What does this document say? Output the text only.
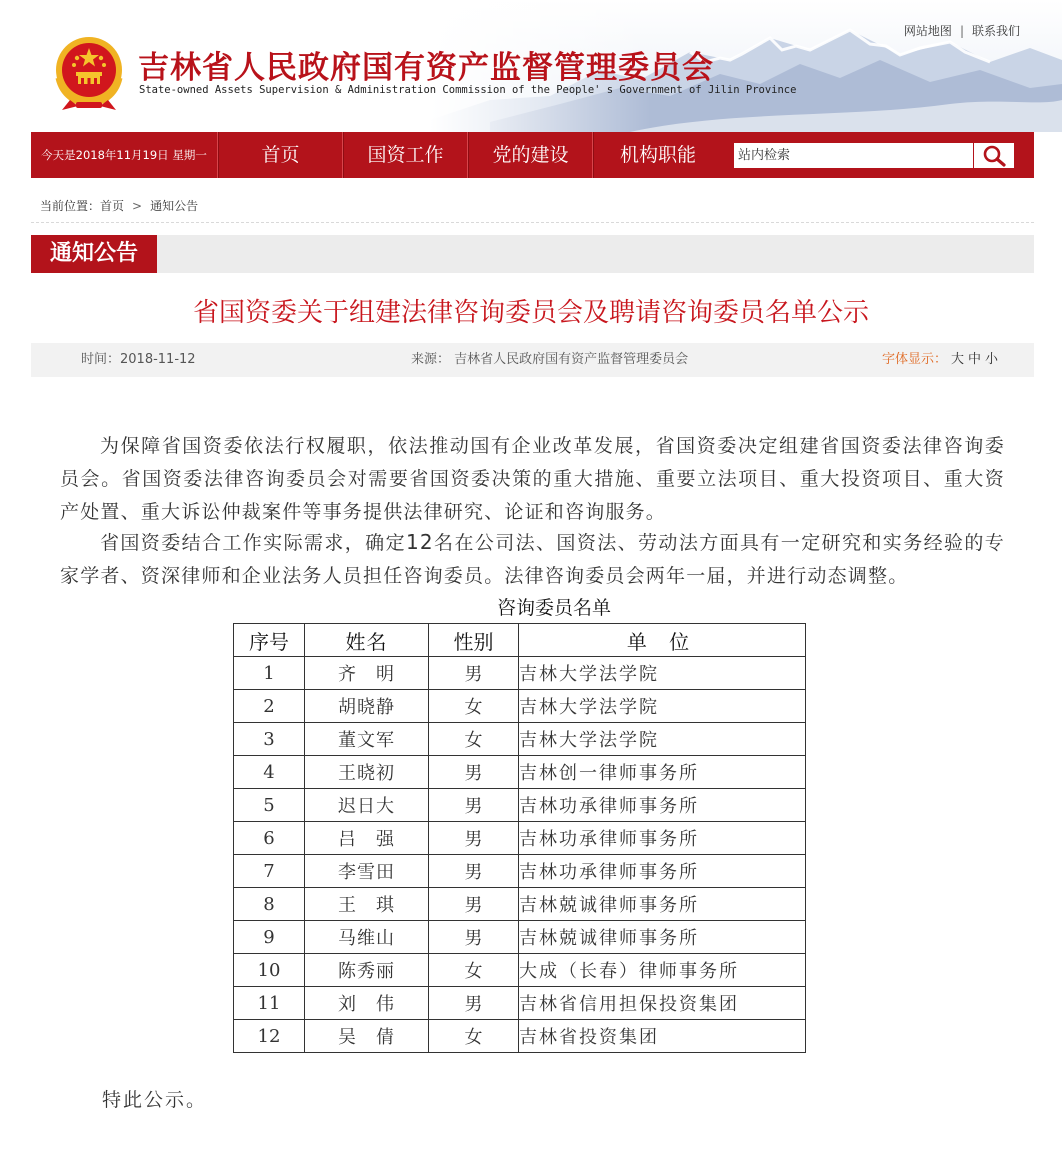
网站地图 | 联系我们
吉林省人民政府国有资产监督管理委员会
State-owned Assets Supervision & Administration Commission of the People' s Government of Jilin Province
今天是2018年11月19日 星期一	首页	国资工作	党的建设	机构职能
站内检索
当前位置：首页 > 通知公告
通知公告
省国资委关于组建法律咨询委员会及聘请咨询委员名单公示
时间：2018-11-12	来源： 吉林省人民政府国有资产监督管理委员会	字体显示： 大 中 小
为保障省国资委依法行权履职，依法推动国有企业改革发展，省国资委决定组建省国资委法律咨询委员会。省国资委法律咨询委员会对需要省国资委决策的重大措施、重要立法项目、重大投资项目、重大资产处置、重大诉讼仲裁案件等事务提供法律研究、论证和咨询服务。
省国资委结合工作实际需求，确定12名在公司法、国资法、劳动法方面具有一定研究和实务经验的专家学者、资深律师和企业法务人员担任咨询委员。法律咨询委员会两年一届，并进行动态调整。
咨询委员名单
序号	姓名	性别	单 位
1	齐　明	男	吉林大学法学院
2	胡晓静	女	吉林大学法学院
3	董文军	女	吉林大学法学院
4	王晓初	男	吉林创一律师事务所
5	迟日大	男	吉林功承律师事务所
6	吕　强	男	吉林功承律师事务所
7	李雪田	男	吉林功承律师事务所
8	王　琪	男	吉林兢诚律师事务所
9	马维山	男	吉林兢诚律师事务所
10	陈秀丽	女	大成（长春）律师事务所
11	刘　伟	男	吉林省信用担保投资集团
12	吴　倩	女	吉林省投资集团
特此公示。
